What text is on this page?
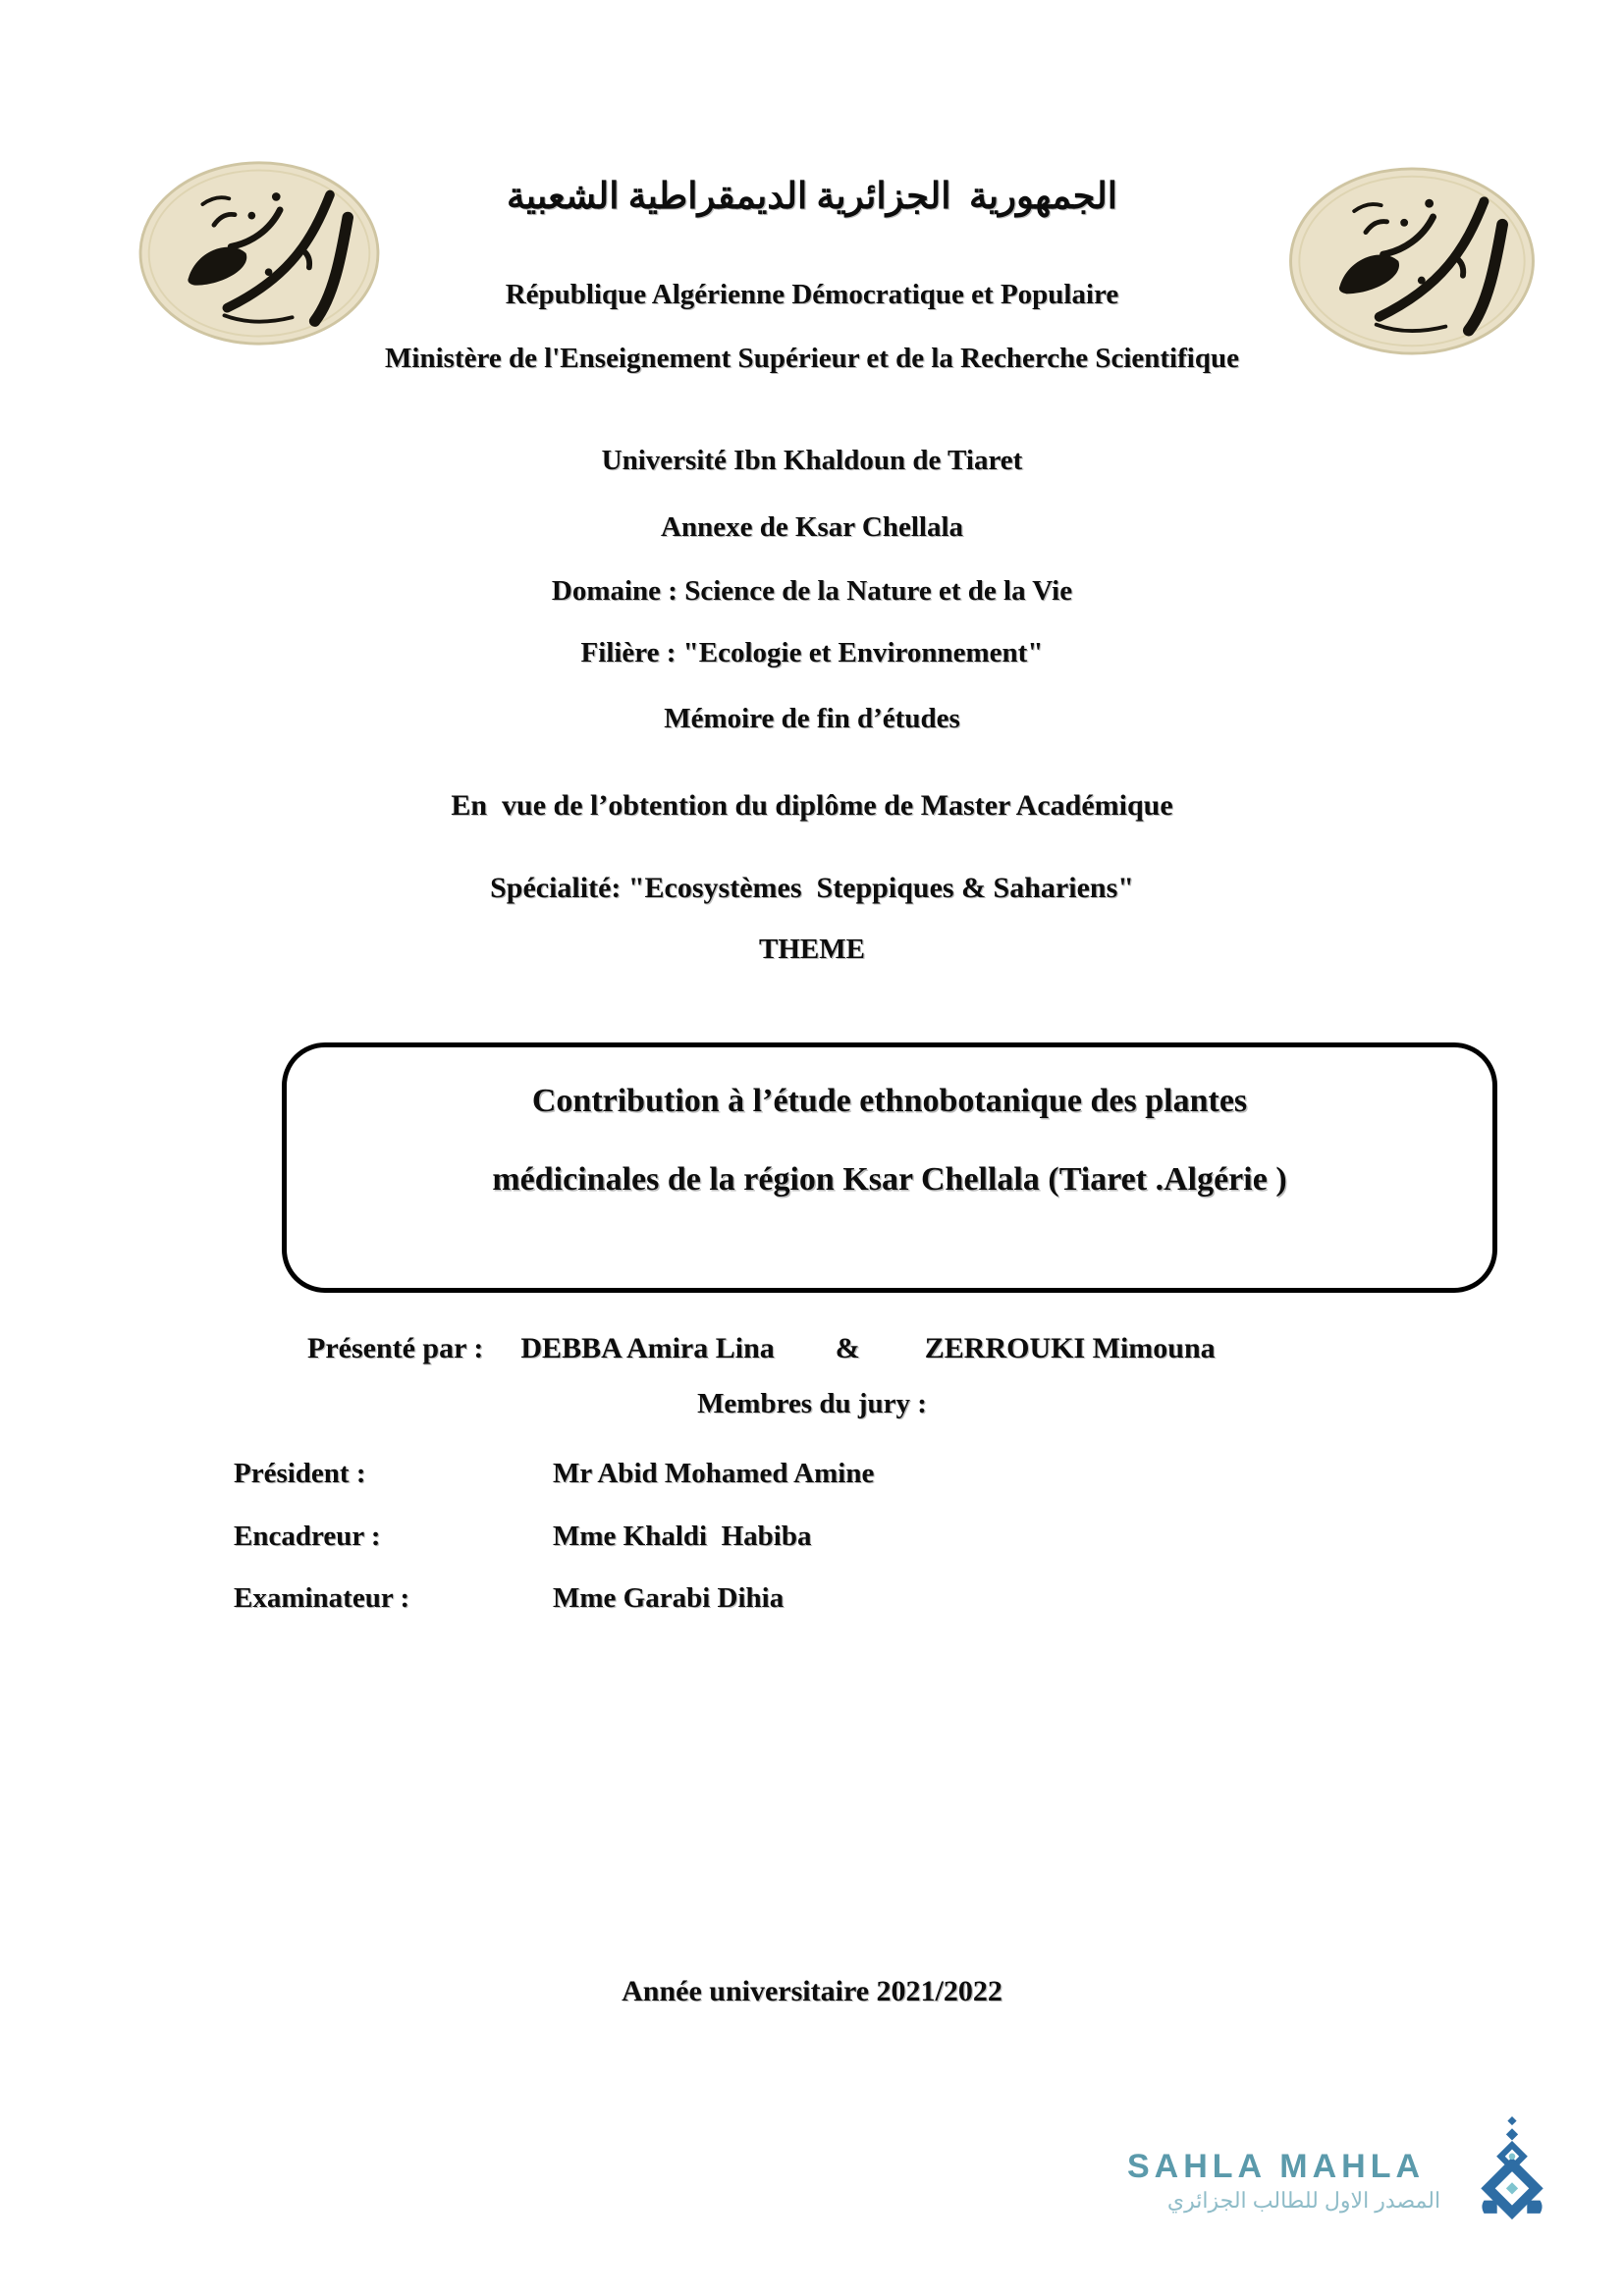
الجمهورية  الجزائرية الديمقراطية الشعبية
République Algérienne Démocratique et Populaire
Ministère de l'Enseignement Supérieur et de la Recherche Scientifique
Université Ibn Khaldoun de Tiaret
Annexe de Ksar Chellala
Domaine : Science de la Nature et de la Vie
Filière : "Ecologie et Environnement"
Mémoire de fin d’études
En  vue de l’obtention du diplôme de Master Académique
Spécialité: "Ecosystèmes  Steppiques & Sahariens"
THEME
Contribution à l’étude ethnobotanique des plantes
médicinales de la région Ksar Chellala (Tiaret .Algérie )
Présenté par : DEBBA Amira Lina & ZERROUKI Mimouna
Membres du jury :
Président :	Mr Abid Mohamed Amine
Encadreur :	Mme Khaldi  Habiba
Examinateur :	Mme Garabi Dihia
Année universitaire 2021/2022
SAHLA MAHLA
المصدر الاول للطالب الجزائري
